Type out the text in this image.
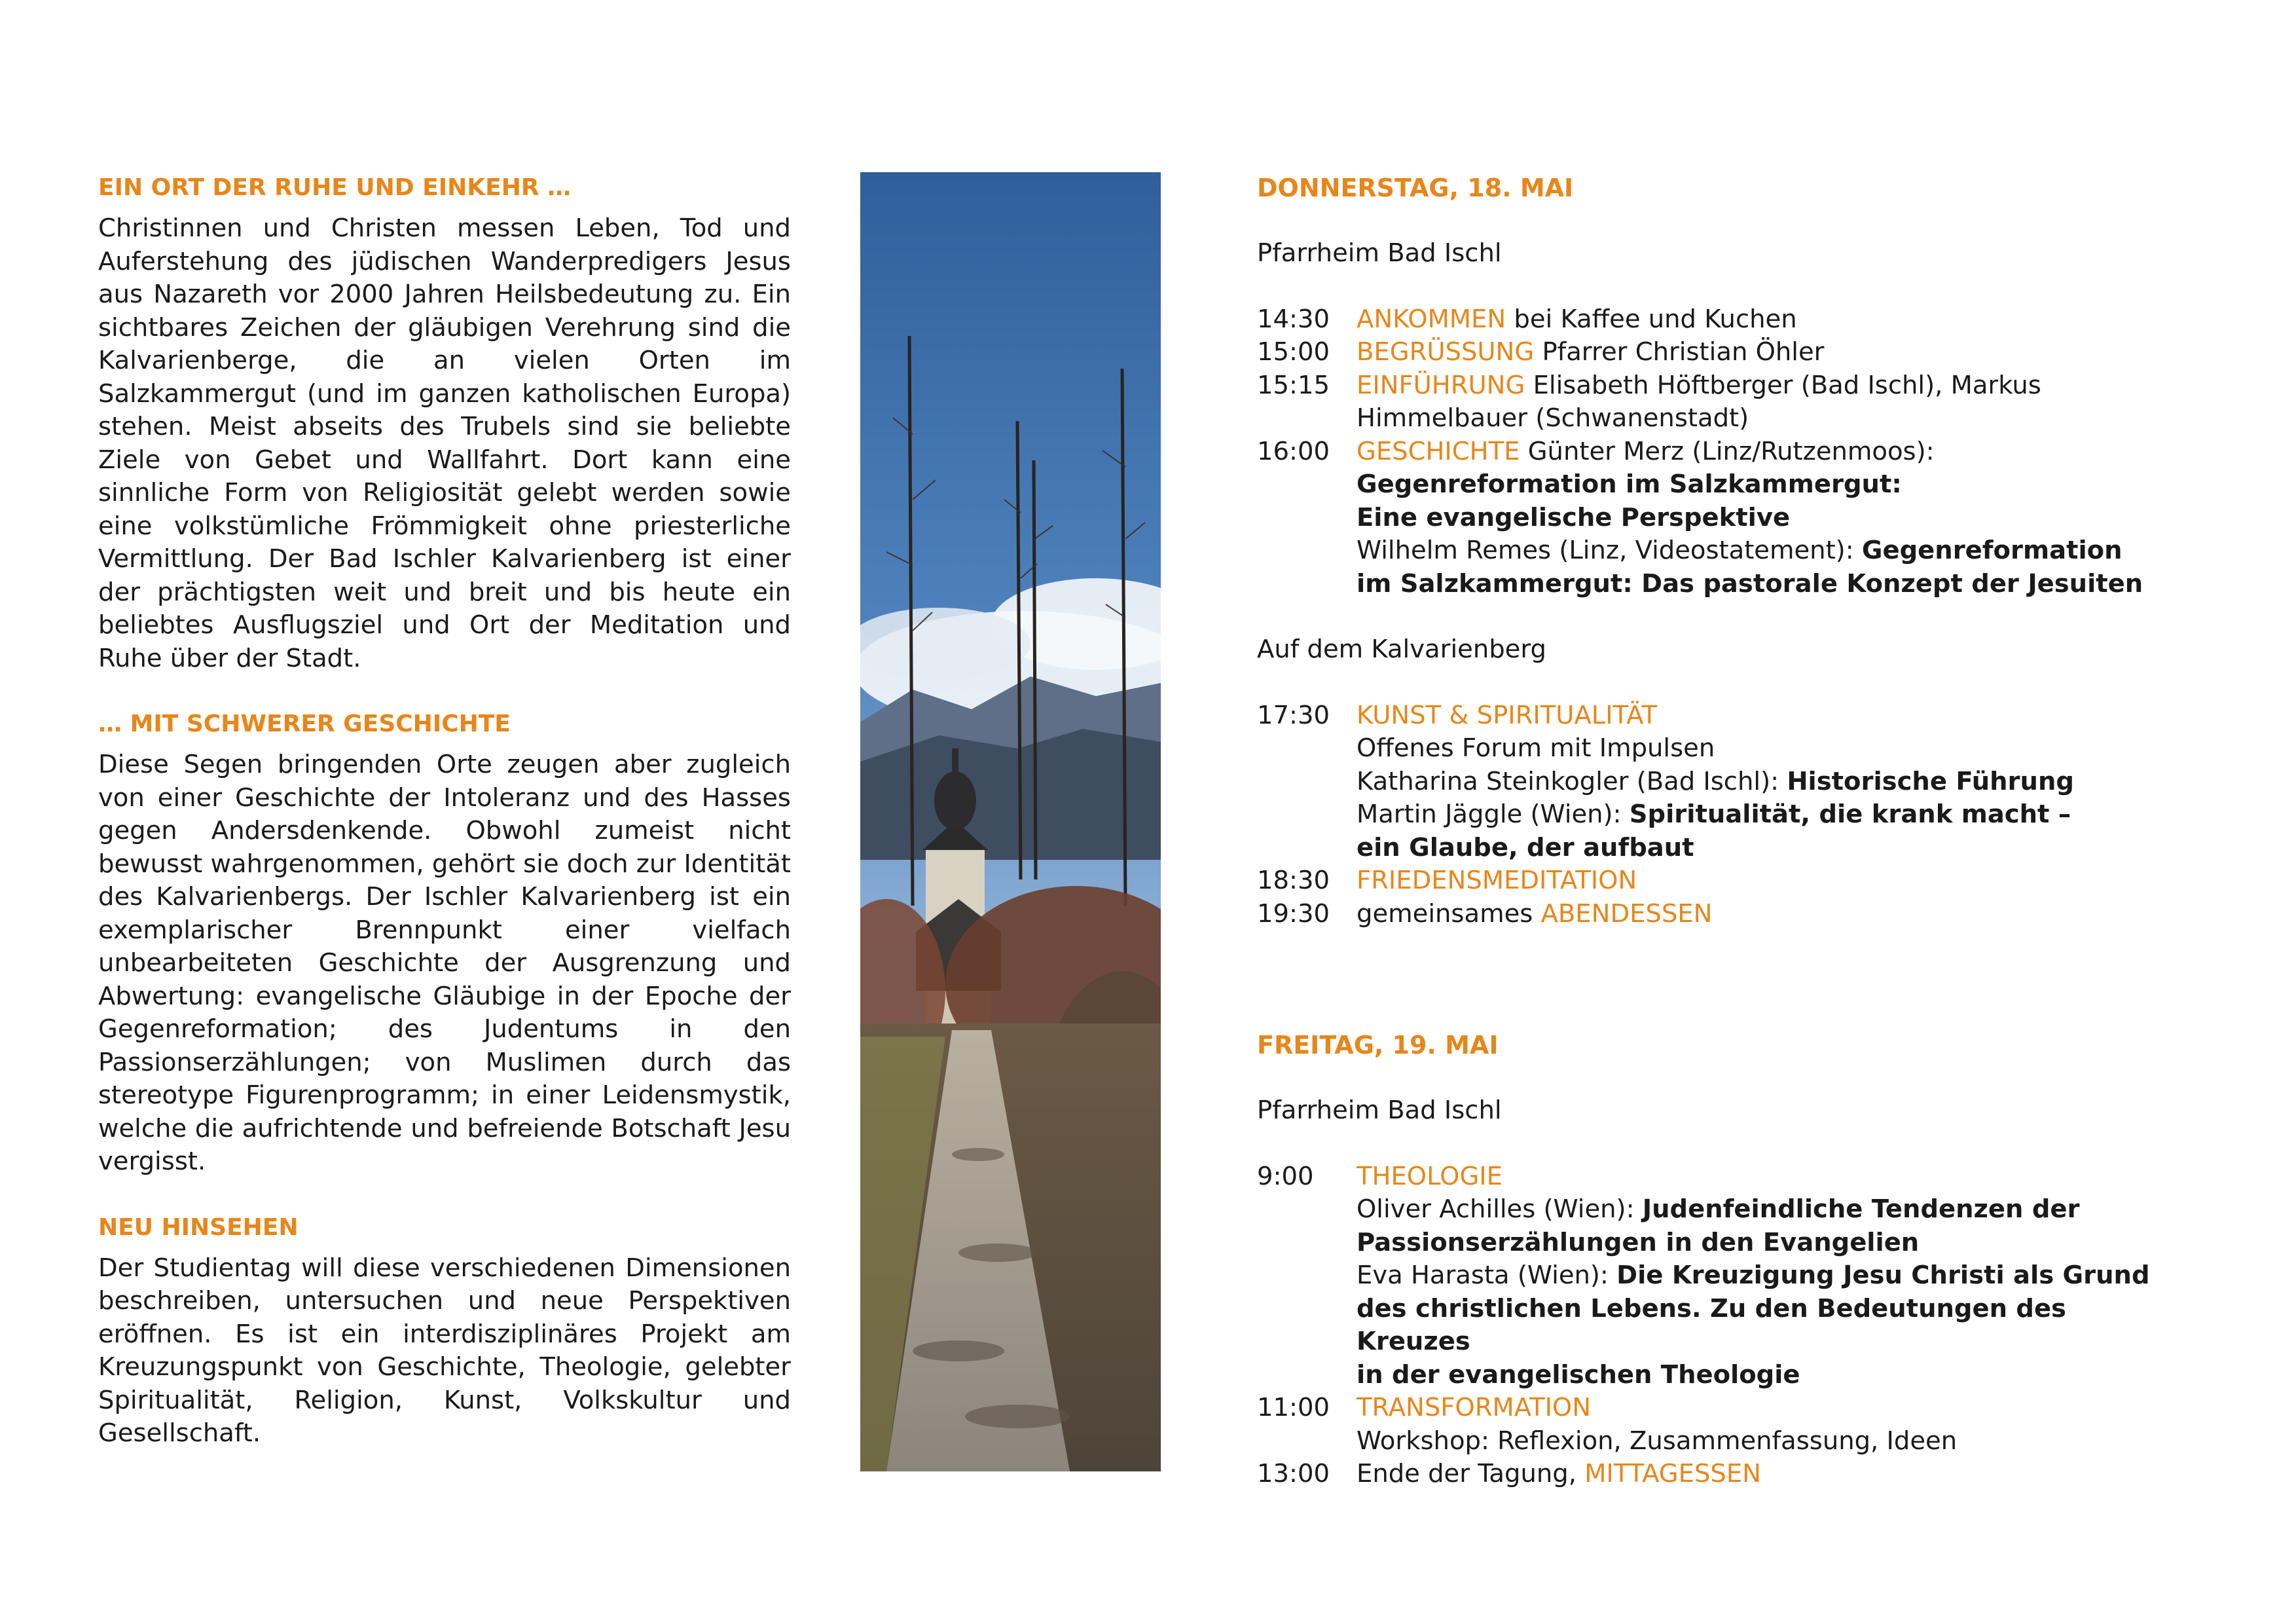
EIN ORT DER RUHE UND EINKEHR …

Christinnen und Christen messen Leben, Tod und Auferstehung des jüdischen Wanderpredigers Jesus aus Nazareth vor 2000 Jahren Heilsbedeutung zu. Ein sichtbares Zeichen der gläubigen Verehrung sind die Kalvarienberge, die an vielen Orten im Salzkammergut (und im ganzen katholischen Europa) stehen. Meist abseits des Trubels sind sie beliebte Ziele von Gebet und Wallfahrt. Dort kann eine sinnliche Form von Religiosität gelebt werden sowie eine volkstümliche Frömmigkeit ohne priesterliche Vermittlung. Der Bad Ischler Kalvarienberg ist einer der prächtigsten weit und breit und bis heute ein beliebtes Ausflugsziel und Ort der Meditation und Ruhe über der Stadt.

… MIT SCHWERER GESCHICHTE

Diese Segen bringenden Orte zeugen aber zugleich von einer Geschichte der Intoleranz und des Hasses gegen Andersdenkende. Obwohl zumeist nicht bewusst wahrgenommen, gehört sie doch zur Identität des Kalvarienbergs. Der Ischler Kalvarienberg ist ein exemplarischer Brennpunkt einer vielfach unbearbeiteten Geschichte der Ausgrenzung und Abwertung: evangelische Gläubige in der Epoche der Gegenreformation; des Judentums in den Passionserzählungen; von Muslimen durch das stereotype Figurenprogramm; in einer Leidensmystik, welche die aufrichtende und befreiende Botschaft Jesu vergisst.

NEU HINSEHEN

Der Studientag will diese verschiedenen Dimensionen beschreiben, untersuchen und neue Perspektiven eröffnen. Es ist ein interdisziplinäres Projekt am Kreuzungspunkt von Geschichte, Theologie, gelebter Spiritualität, Religion, Kunst, Volkskultur und Gesellschaft.

DONNERSTAG, 18. MAI
Pfarrheim Bad Ischl
14:30	ANKOMMEN bei Kaffee und Kuchen
15:00	BEGRÜSSUNG Pfarrer Christian Öhler
15:15	EINFÜHRUNG Elisabeth Höftberger (Bad Ischl), Markus
Himmelbauer (Schwanenstadt)
16:00	GESCHICHTE Günter Merz (Linz/Rutzenmoos):
Gegenreformation im Salzkammergut:
Eine evangelische Perspektive
Wilhelm Remes (Linz, Videostatement): Gegenreformation
im Salzkammergut: Das pastorale Konzept der Jesuiten
Auf dem Kalvarienberg
17:30	KUNST & SPIRITUALITÄT
Offenes Forum mit Impulsen
Katharina Steinkogler (Bad Ischl): Historische Führung
Martin Jäggle (Wien): Spiritualität, die krank macht –
ein Glaube, der aufbaut
18:30	FRIEDENSMEDITATION
19:30	gemeinsames ABENDESSEN
FREITAG, 19. MAI
Pfarrheim Bad Ischl
9:00	THEOLOGIE
Oliver Achilles (Wien): Judenfeindliche Tendenzen der
Passionserzählungen in den Evangelien
Eva Harasta (Wien): Die Kreuzigung Jesu Christi als Grund
des christlichen Lebens. Zu den Bedeutungen des Kreuzes
in der evangelischen Theologie
11:00	TRANSFORMATION
Workshop: Reflexion, Zusammenfassung, Ideen
13:00	Ende der Tagung, MITTAGESSEN
